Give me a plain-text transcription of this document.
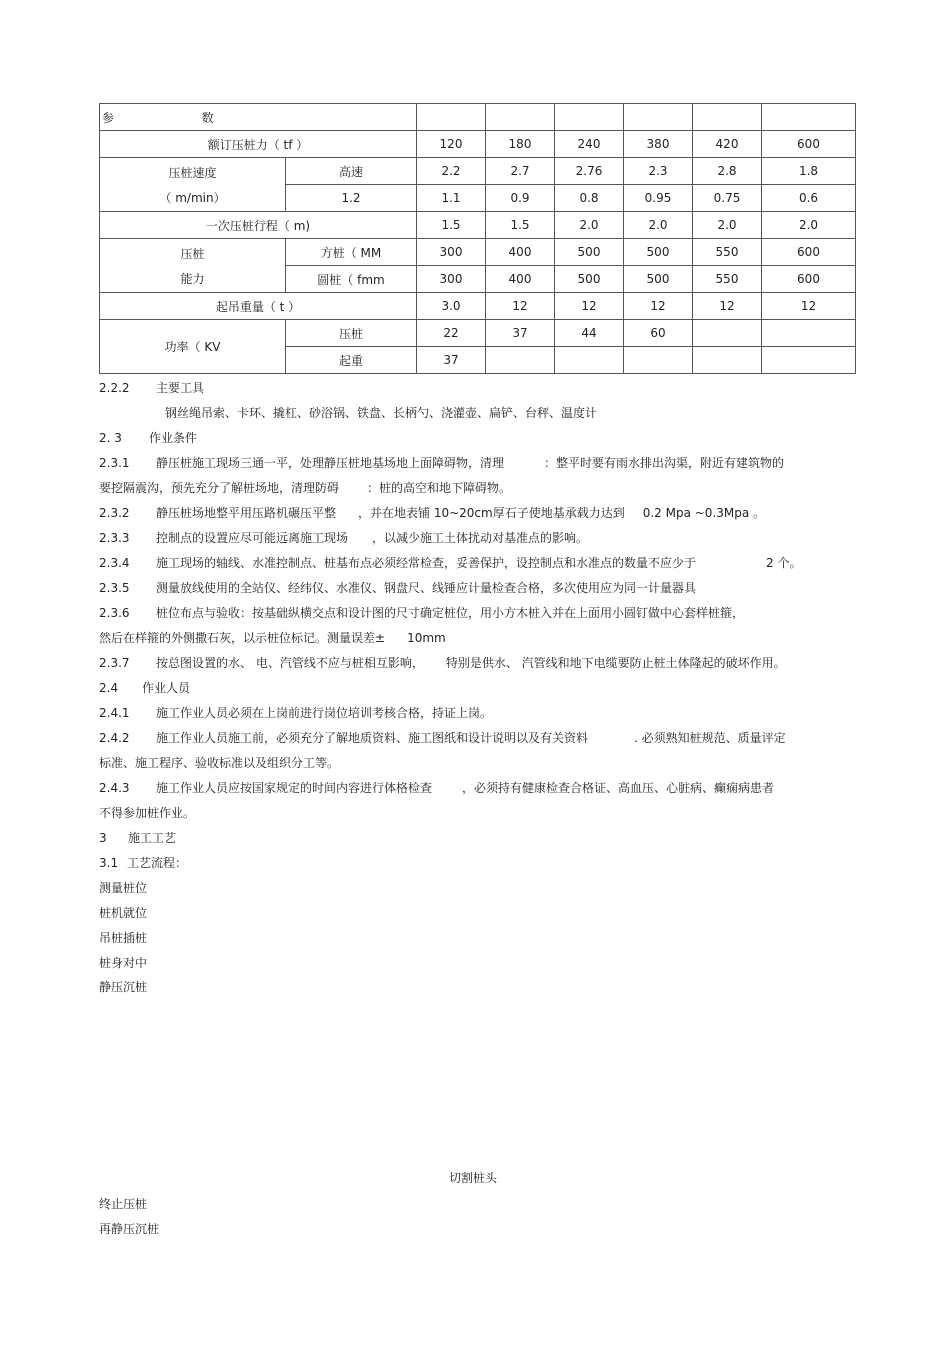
参 数							
额订压桩力（ tf ）		120	180	240	380	420	600

压桩速度
（ m/min）	高速	2.2	2.7	2.76	2.3	2.8	1.8
	1.2	1.1	0.9	0.8	0.95	0.75	0.6
一次压桩行程（ m)		1.5	1.5	2.0	2.0	2.0	2.0

压桩
能力	方桩（ MM	300	400	500	500	550	600
	圆桩（ fmm	300	400	500	500	550	600
起吊重量（ t ）		3.0	12	12	12	12	12
功率（ KV	压桩	22	37	44	60		
	起重	37					
2.2.2 主要工具
钢丝绳吊索、卡环、撬杠、砂浴锅、铁盘、长柄勺、浇灌壶、扁铲、台秤、温度计
2. 3 作业条件
2.3.1 静压桩施工现场三通一平，处理静压桩地基场地上面障碍物，清理	：整平时要有雨水排出沟渠，附近有建筑物的
要挖隔震沟，预先充分了解桩场地，清理防碍 ：桩的高空和地下障碍物。
2.3.2 静压桩场地整平用压路机碾压平整 ，并在地表铺 10~20cm厚石子使地基承载力达到 0.2 Mpa ~0.3Mpa 。
2.3.3 控制点的设置应尽可能远离施工现场 ，以减少施工土体扰动对基准点的影响。
2.3.4 施工现场的轴线、水准控制点、桩基布点必须经常检查，妥善保护，设控制点和水准点的数量不应少于	2 个。
2.3.5 测量放线使用的全站仪、经纬仪、水准仪、钢盘尺、线锤应计量检查合格，多次使用应为同一计量器具
2.3.6 桩位布点与验收：按基础纵横交点和设计图的尺寸确定桩位，用小方木桩入并在上面用小圆钉做中心套样桩箍，
然后在样箍的外侧撒石灰，以示桩位标记。测量误差± 10mm
2.3.7 按总图设置的水、 电、汽管线不应与桩相互影响， 特别是供水、 汽管线和地下电缆要防止桩土体隆起的破坏作用。
2.4 作业人员
2.4.1 施工作业人员必须在上岗前进行岗位培训考核合格，持证上岗。
2.4.2 施工作业人员施工前，必须充分了解地质资料、施工图纸和设计说明以及有关资料	. 必须熟知桩规范、质量评定
标准、施工程序、验收标准以及组织分工等。
2.4.3 施工作业人员应按国家规定的时间内容进行体格检查	，必须持有健康检查合格证、高血压、心脏病、癫痫病患者
不得参加桩作业。
3 施工工艺
3.1 工艺流程：
测量桩位
桩机就位
吊桩插桩
桩身对中
静压沉桩
切割桩头
终止压桩
再静压沉桩
